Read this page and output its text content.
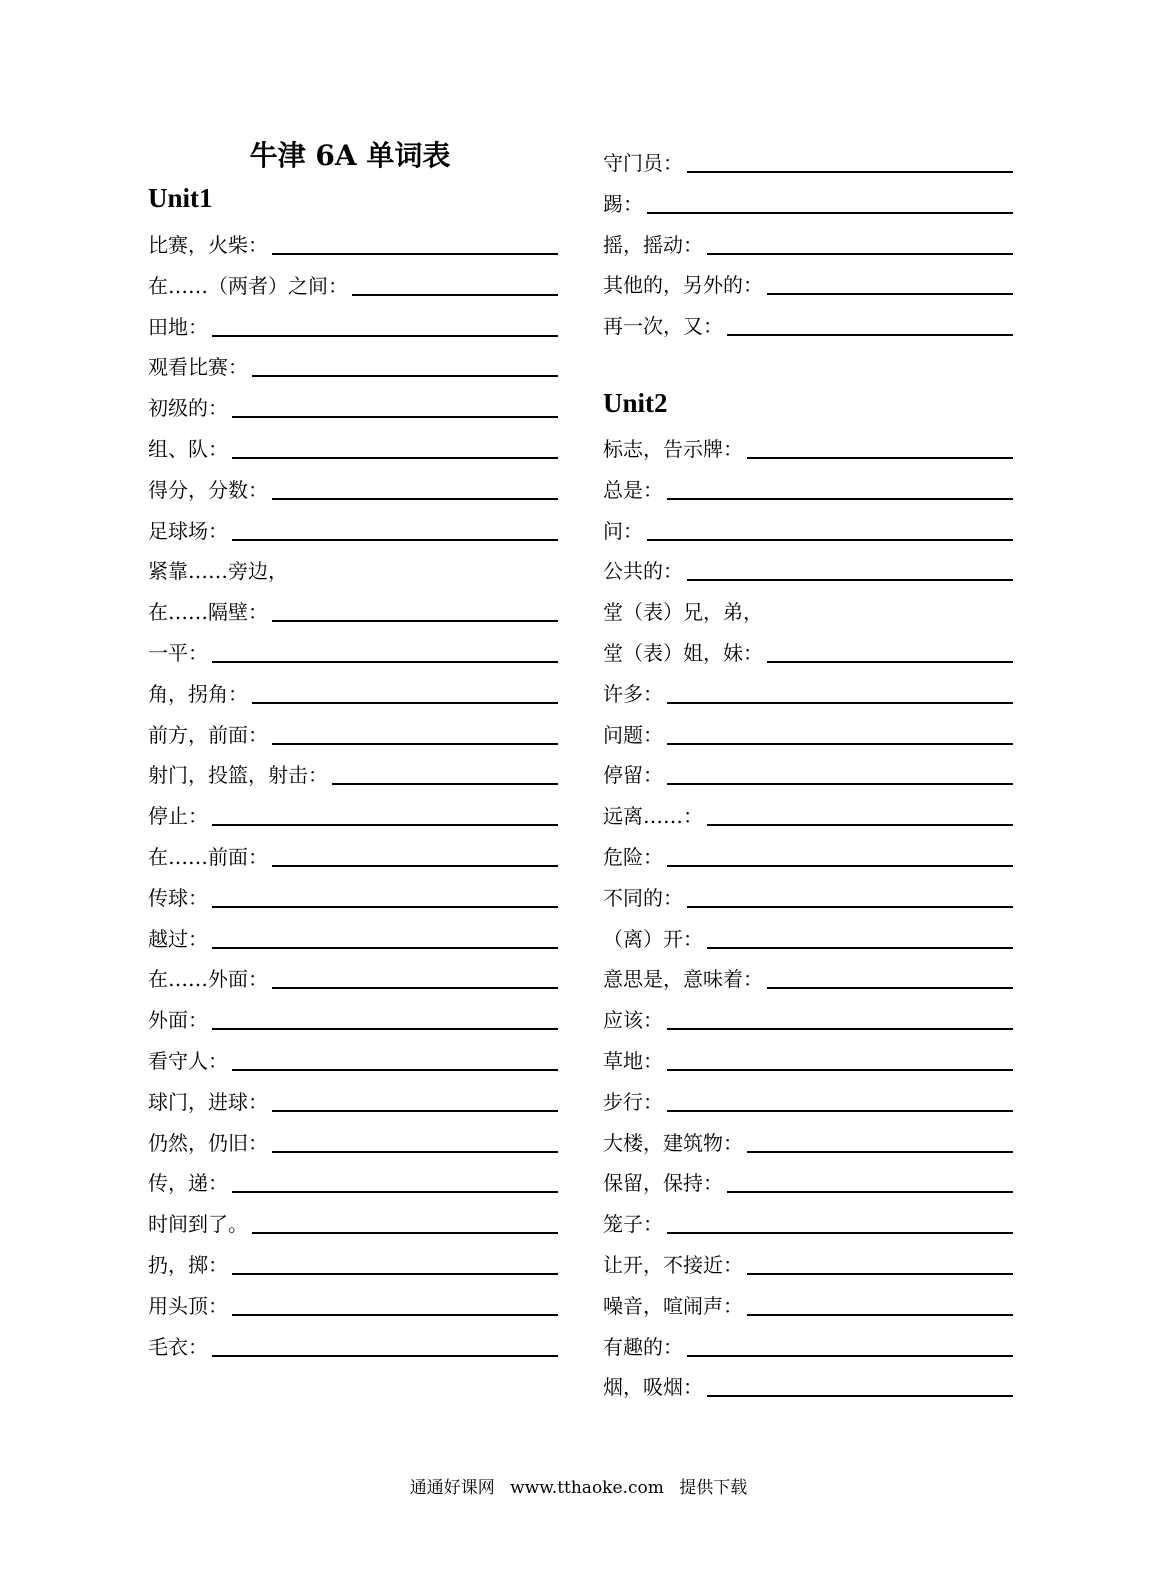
牛津 6A 单词表
Unit1
比赛，火柴：
在……（两者）之间：
田地：
观看比赛：
初级的：
组、队：
得分，分数：
足球场：
紧靠……旁边，
在……隔壁：
一平：
角，拐角：
前方，前面：
射门，投篮，射击：
停止：
在……前面：
传球：
越过：
在……外面：
外面：
看守人：
球门，进球：
仍然，仍旧：
传，递：
时间到了。
扔，掷：
用头顶：
毛衣：
守门员：
踢：
摇，摇动：
其他的，另外的：
再一次，又：
Unit2
标志，告示牌：
总是：
问：
公共的：
堂（表）兄，弟，
堂（表）姐，妹：
许多：
问题：
停留：
远离……：
危险：
不同的：
（离）开：
意思是，意味着：
应该：
草地：
步行：
大楼，建筑物：
保留，保持：
笼子：
让开，不接近：
噪音，喧闹声：
有趣的：
烟，吸烟：
通通好课网 www.tthaoke.com 提供下载
